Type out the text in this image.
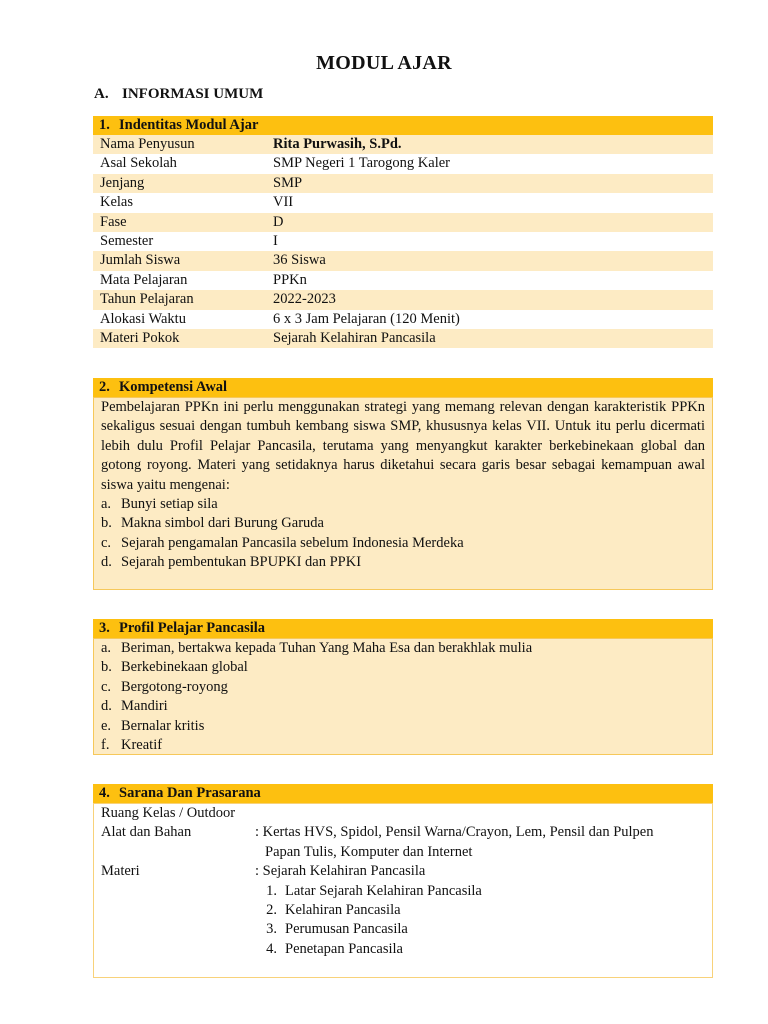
MODUL AJAR
A. INFORMASI UMUM
1. Indentitas Modul Ajar
Nama Penyusun	Rita Purwasih, S.Pd.
Asal Sekolah	SMP Negeri 1 Tarogong Kaler
Jenjang	SMP
Kelas	VII
Fase	D
Semester	I
Jumlah Siswa	36 Siswa
Mata Pelajaran	PPKn
Tahun Pelajaran	2022-2023
Alokasi Waktu	6 x 3 Jam Pelajaran (120 Menit)
Materi Pokok	Sejarah Kelahiran Pancasila
2. Kompetensi Awal
Pembelajaran PPKn ini perlu menggunakan strategi yang memang relevan dengan karakteristik PPKn sekaligus sesuai dengan tumbuh kembang siswa SMP, khususnya kelas VII. Untuk itu perlu dicermati lebih dulu Profil Pelajar Pancasila, terutama yang menyangkut karakter berkebinekaan global dan gotong royong. Materi yang setidaknya harus diketahui secara garis besar sebagai kemampuan awal siswa yaitu mengenai:
a. Bunyi setiap sila
b. Makna simbol dari Burung Garuda
c. Sejarah pengamalan Pancasila sebelum Indonesia Merdeka
d. Sejarah pembentukan BPUPKI dan PPKI
3. Profil Pelajar Pancasila
a. Beriman, bertakwa kepada Tuhan Yang Maha Esa dan berakhlak mulia
b. Berkebinekaan global
c. Bergotong-royong
d. Mandiri
e. Bernalar kritis
f. Kreatif
4. Sarana Dan Prasarana
Ruang Kelas / Outdoor
Alat dan Bahan	: Kertas HVS, Spidol, Pensil Warna/Crayon, Lem, Pensil dan Pulpen
Papan Tulis, Komputer dan Internet
Materi	: Sejarah Kelahiran Pancasila
1. Latar Sejarah Kelahiran Pancasila
2. Kelahiran Pancasila
3. Perumusan Pancasila
4. Penetapan Pancasila
